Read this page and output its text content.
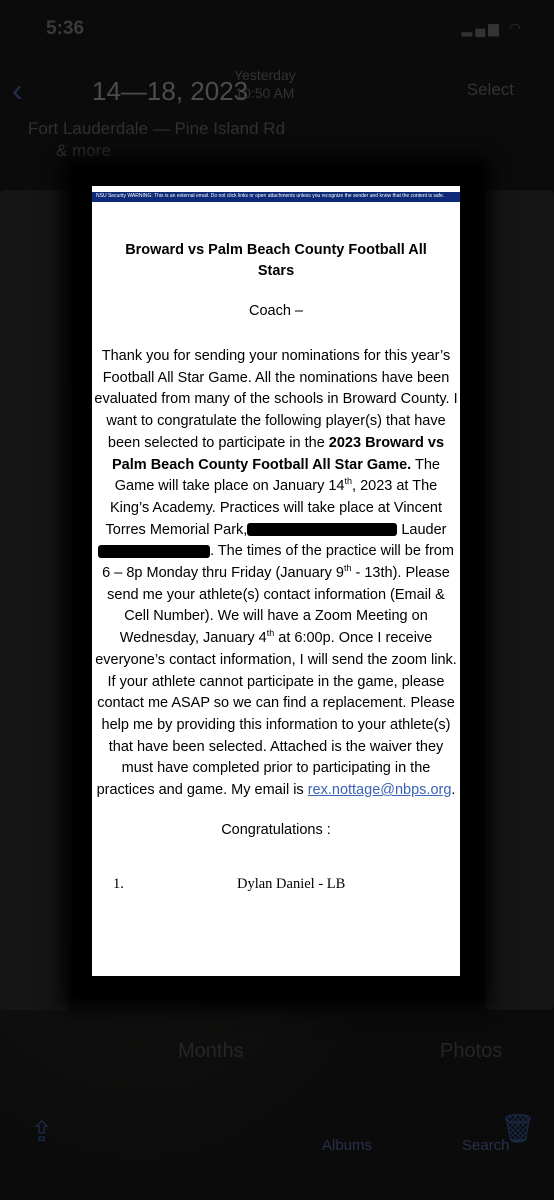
5:36	▂▄▆ ◠
‹	14—18, 2023
Yesterday
10:50 AM	Select
Fort Lauderdale — Pine Island Rd
& more
Months	Photos
⇪	Albums	Search
🗑
NSU Security WARNING: This is an external email. Do not click links or open attachments unless you recognize the sender and know that the content is safe.
Broward vs Palm Beach County Football All Stars
Coach –
Thank you for sending your nominations for this year’s Football All Star Game. All the nominations have been evaluated from many of the schools in Broward County. I want to congratulate the following player(s) that have been selected to participate in the 2023 Broward vs Palm Beach County Football All Star Game. The Game will take place on January 14th, 2023 at The King’s Academy. Practices will take place at Vincent Torres Memorial Park,	Lauder. The times of the practice will be from 6 – 8p Monday thru Friday (January 9th - 13th). Please send me your athlete(s) contact information (Email & Cell Number). We will have a Zoom Meeting on Wednesday, January 4th at 6:00p. Once I receive everyone’s contact information, I will send the zoom link. If your athlete cannot participate in the game, please contact me ASAP so we can find a replacement. Please help me by providing this information to your athlete(s) that have been selected. Attached is the waiver they must have completed prior to participating in the practices and game. My email is rex.nottage@nbps.org.
Congratulations :
1.	Dylan Daniel - LB
